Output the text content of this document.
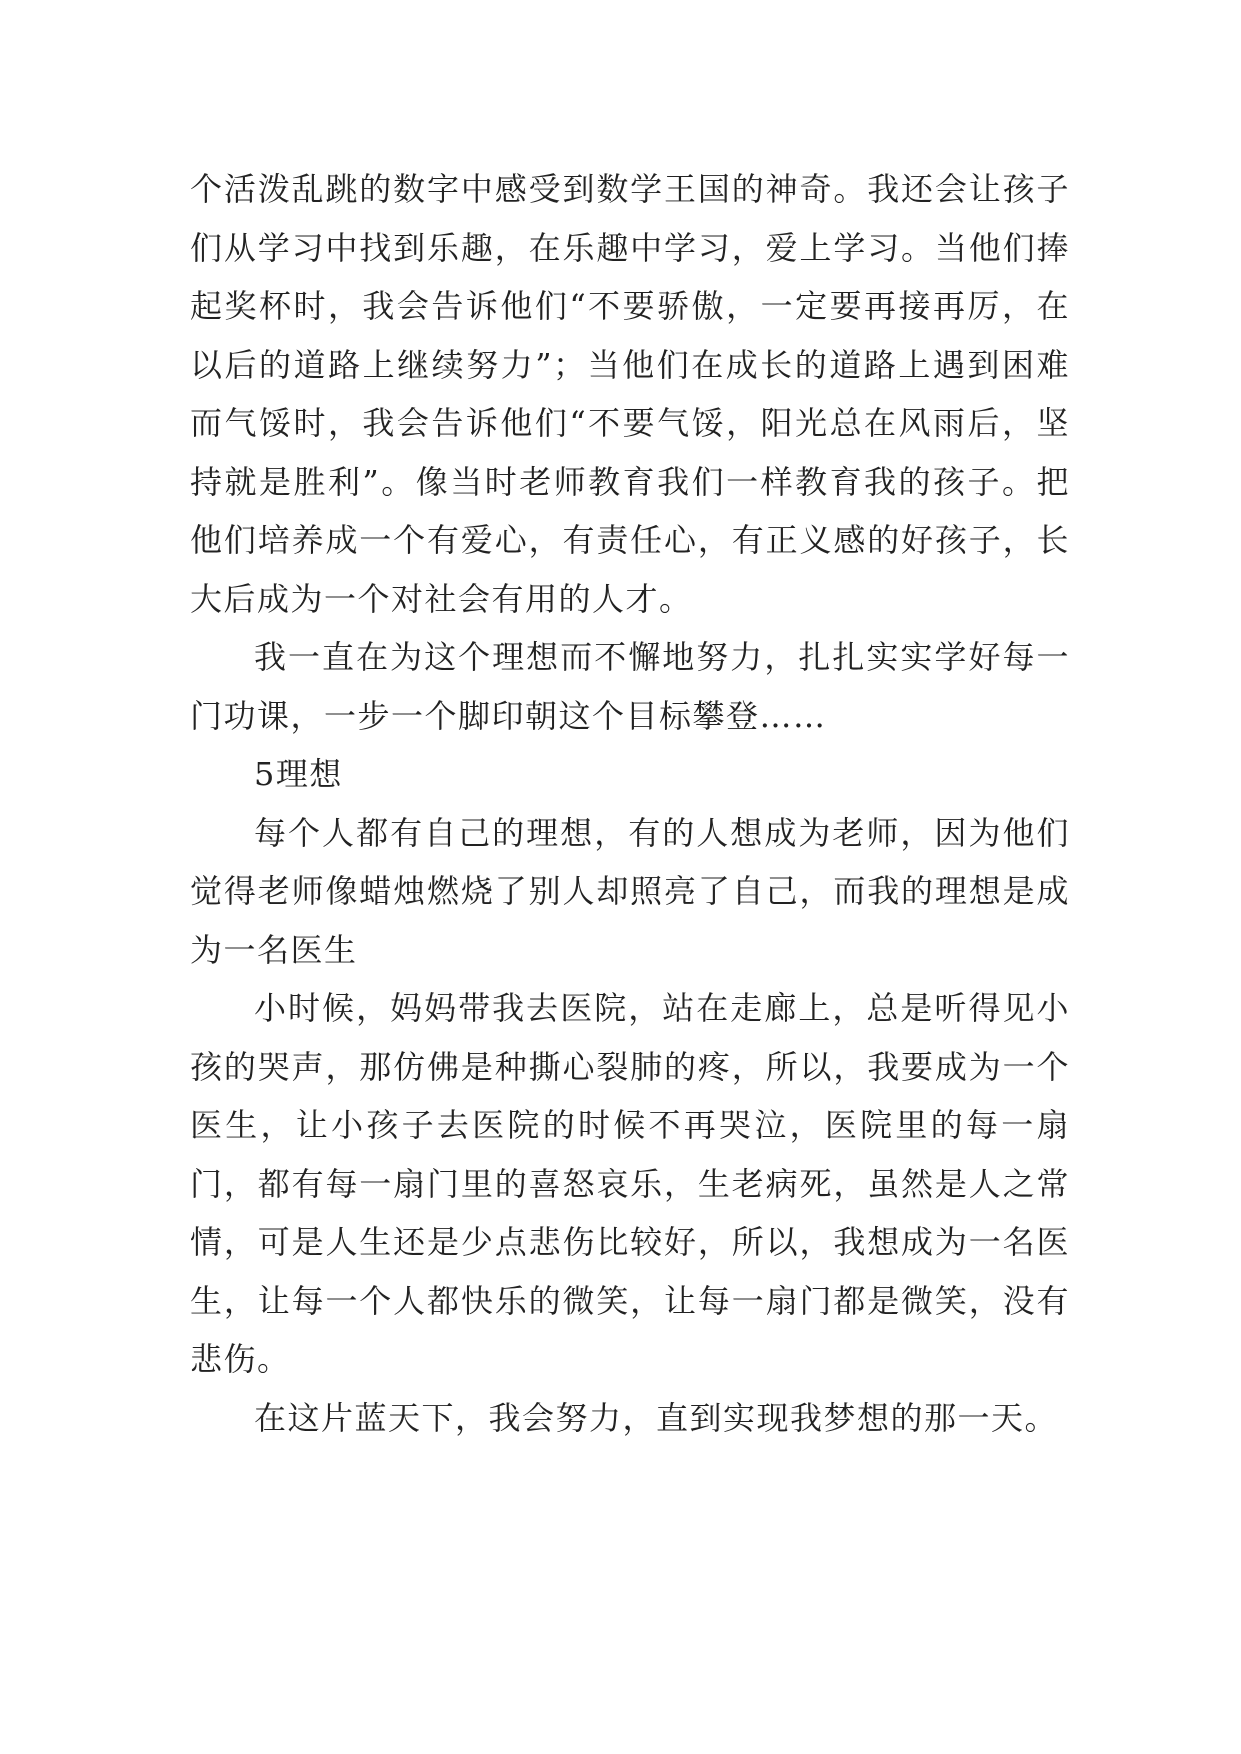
个活泼乱跳的数字中感受到数学王国的神奇。我还会让孩子们从学习中找到乐趣，在乐趣中学习，爱上学习。当他们捧起奖杯时，我会告诉他们“不要骄傲，一定要再接再厉，在以后的道路上继续努力”；当他们在成长的道路上遇到困难而气馁时，我会告诉他们“不要气馁，阳光总在风雨后，坚持就是胜利”。像当时老师教育我们一样教育我的孩子。把他们培养成一个有爱心，有责任心，有正义感的好孩子，长大后成为一个对社会有用的人才。

我一直在为这个理想而不懈地努力，扎扎实实学好每一门功课，一步一个脚印朝这个目标攀登……

5理想

每个人都有自己的理想，有的人想成为老师，因为他们觉得老师像蜡烛燃烧了别人却照亮了自己，而我的理想是成为一名医生

小时候，妈妈带我去医院，站在走廊上，总是听得见小孩的哭声，那仿佛是种撕心裂肺的疼，所以，我要成为一个医生，让小孩子去医院的时候不再哭泣，医院里的每一扇门，都有每一扇门里的喜怒哀乐，生老病死，虽然是人之常情，可是人生还是少点悲伤比较好，所以，我想成为一名医生，让每一个人都快乐的微笑，让每一扇门都是微笑，没有悲伤。

在这片蓝天下，我会努力，直到实现我梦想的那一天。
